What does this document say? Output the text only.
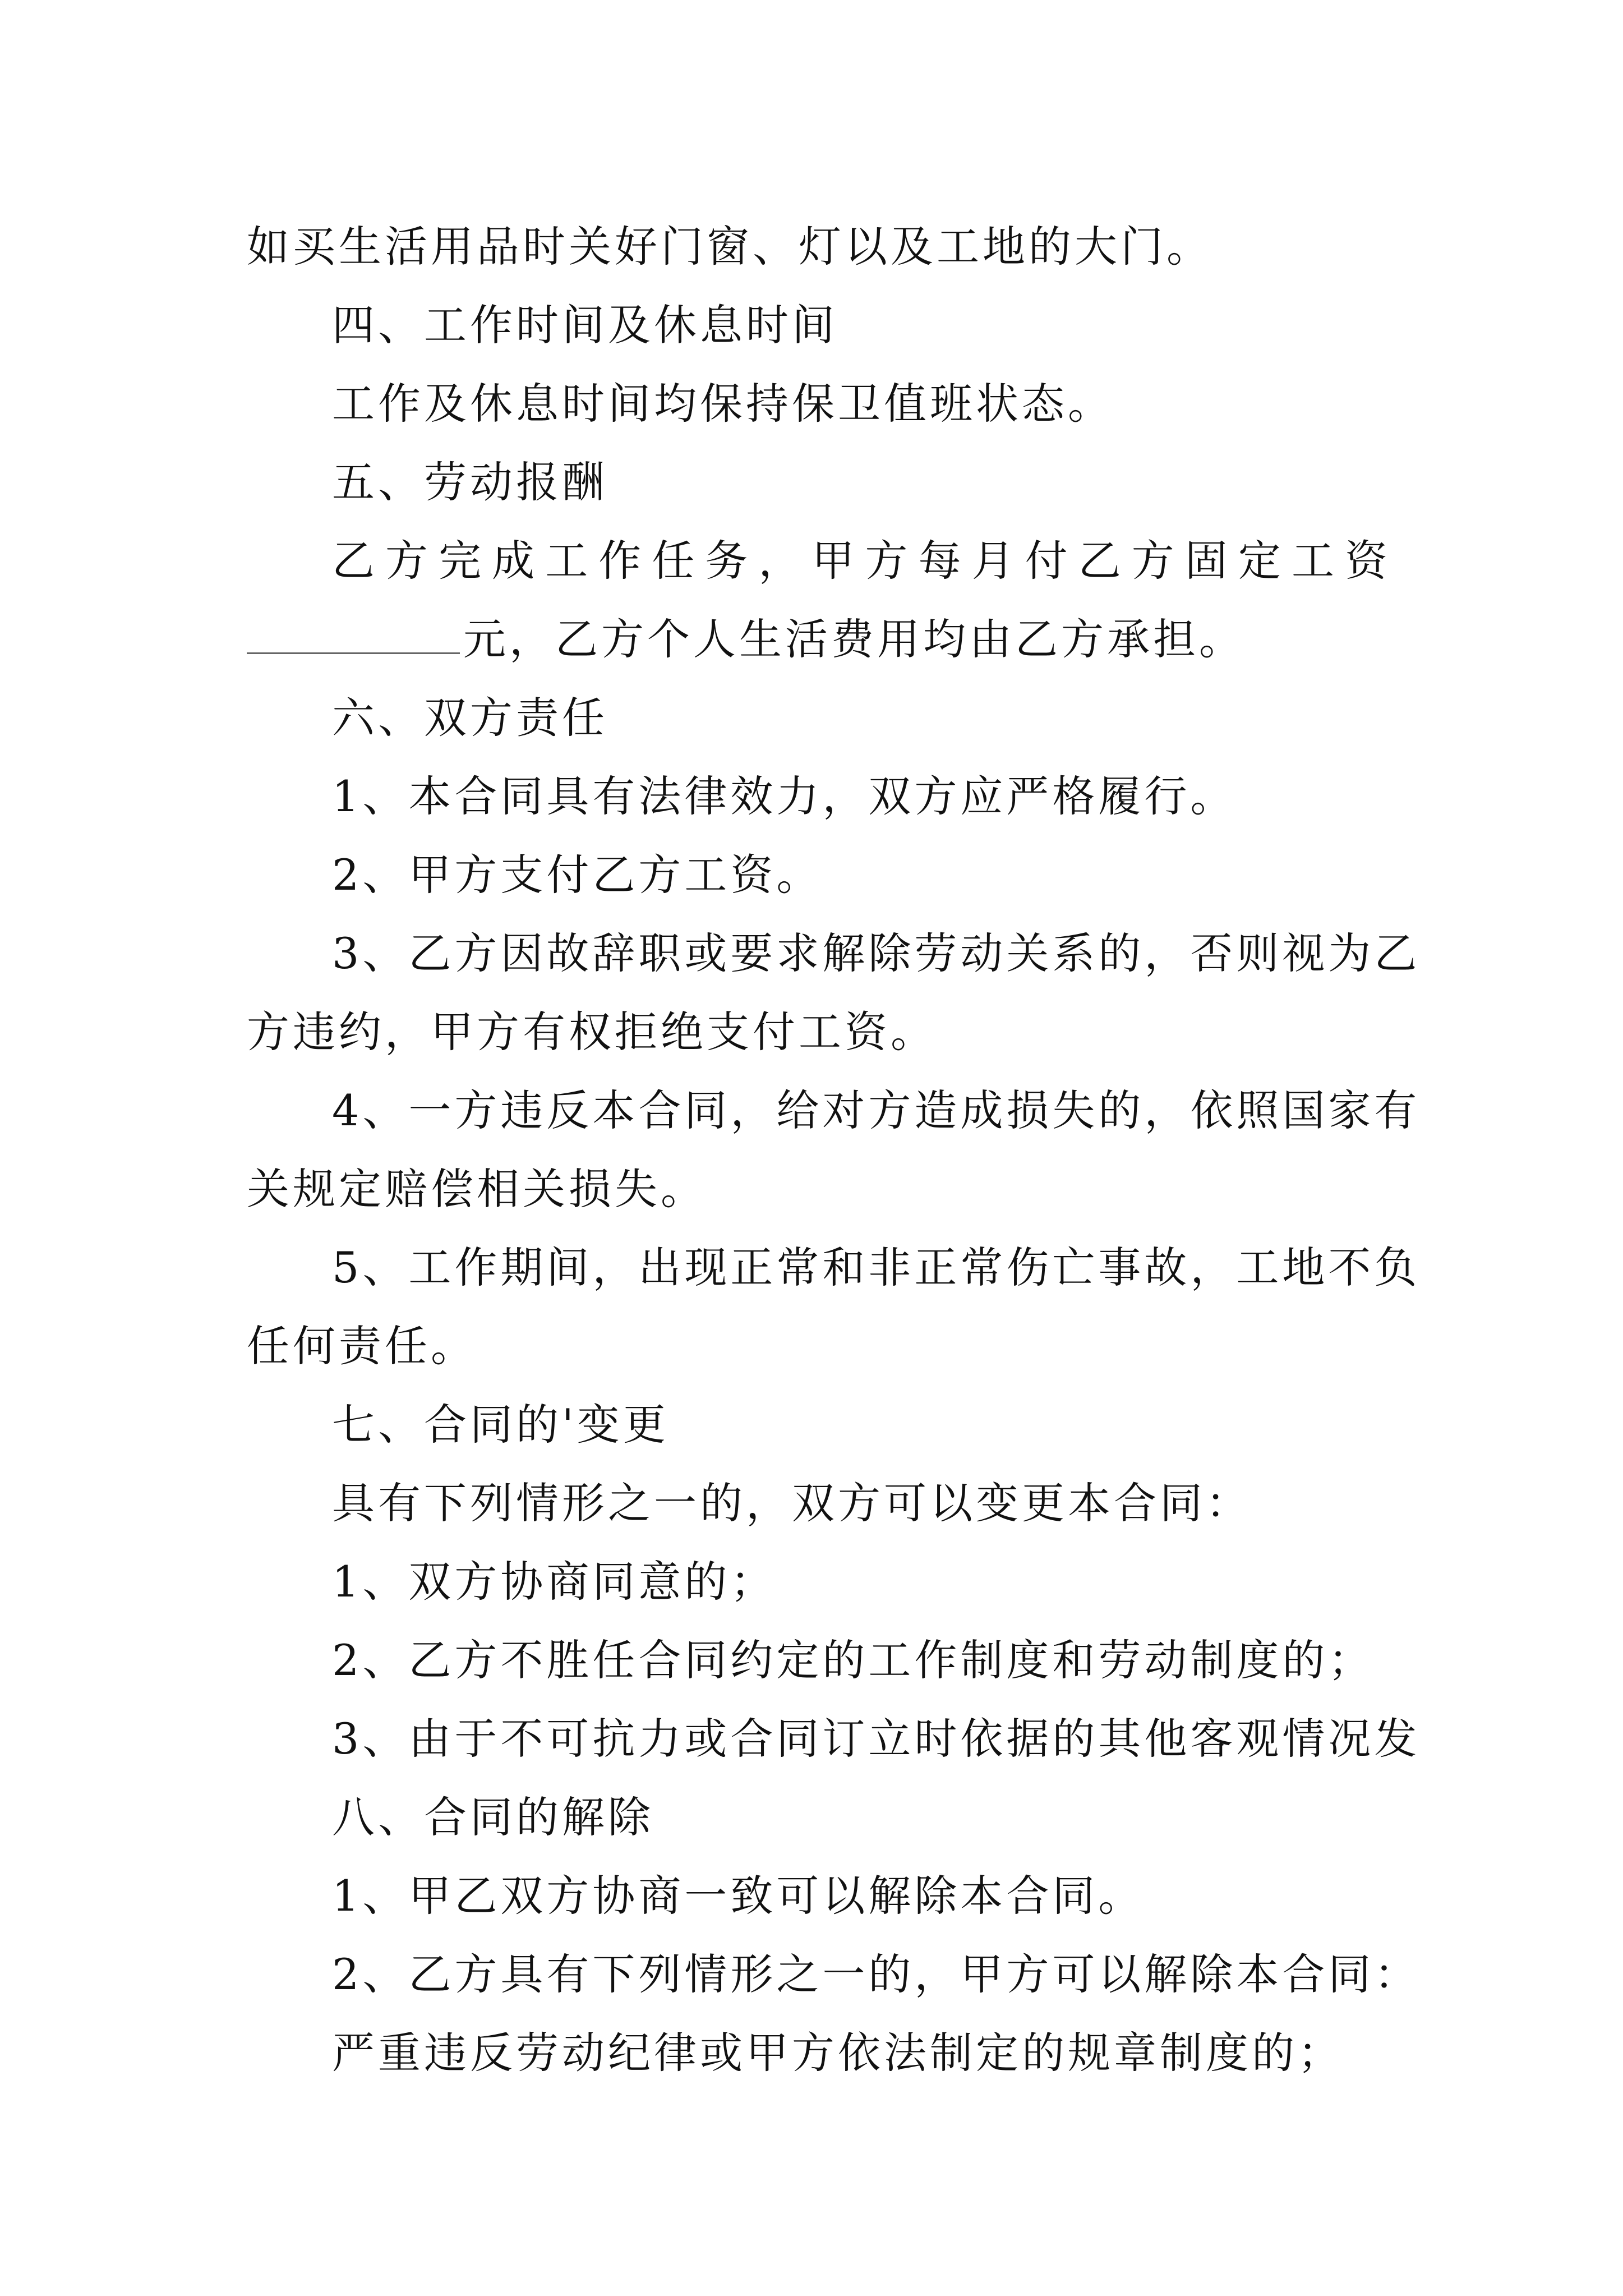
如买生活用品时关好门窗、灯以及工地的大门。
四、工作时间及休息时间
工作及休息时间均保持保卫值班状态。
五、劳动报酬
乙方完成工作任务，甲方每月付乙方固定工资
元，乙方个人生活费用均由乙方承担。
六、双方责任
1、本合同具有法律效力，双方应严格履行。
2、甲方支付乙方工资。
3、乙方因故辞职或要求解除劳动关系的，否则视为乙
方违约，甲方有权拒绝支付工资。
4、一方违反本合同，给对方造成损失的，依照国家有
关规定赔偿相关损失。
5、工作期间，出现正常和非正常伤亡事故，工地不负
任何责任。
七、合同的'变更
具有下列情形之一的，双方可以变更本合同：
1、双方协商同意的；
2、乙方不胜任合同约定的工作制度和劳动制度的；
3、由于不可抗力或合同订立时依据的其他客观情况发
八、合同的解除
1、甲乙双方协商一致可以解除本合同。
2、乙方具有下列情形之一的，甲方可以解除本合同：
严重违反劳动纪律或甲方依法制定的规章制度的；
